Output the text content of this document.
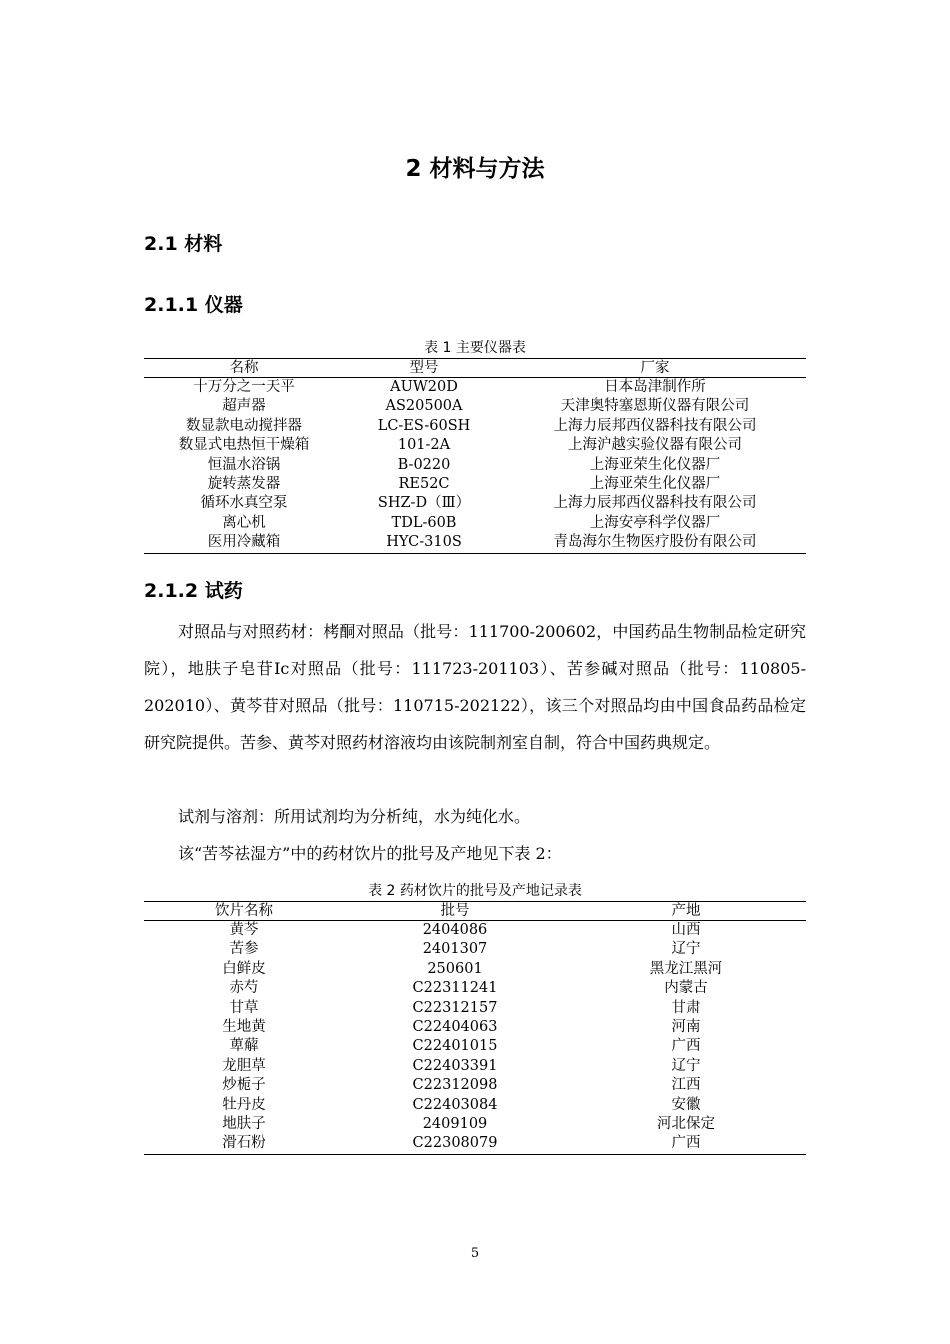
2 材料与方法
2.1 材料
2.1.1 仪器
表 1 主要仪器表
名称	型号	厂家
十万分之一天平	AUW20D	日本岛津制作所
超声器	AS20500A	天津奥特塞恩斯仪器有限公司
数显款电动搅拌器	LC-ES-60SH	上海力辰邦西仪器科技有限公司
数显式电热恒干燥箱	101-2A	上海沪越实验仪器有限公司
恒温水浴锅	B-0220	上海亚荣生化仪器厂
旋转蒸发器	RE52C	上海亚荣生化仪器厂
循环水真空泵	SHZ-D（Ⅲ）	上海力辰邦西仪器科技有限公司
离心机	TDL-60B	上海安亭科学仪器厂
医用冷藏箱	HYC-310S	青岛海尔生物医疗股份有限公司
2.1.2 试药

对照品与对照药材：栲酮对照品（批号：111700-200602，中国药品生物制品检定研究院），地肤子皂苷Ic对照品（批号：111723-201103）、苦参碱对照品（批号：110805-202010）、黄芩苷对照品（批号：110715-202122），该三个对照品均由中国食品药品检定研究院提供。苦参、黄芩对照药材溶液均由该院制剂室自制，符合中国药典规定。

试剂与溶剂：所用试剂均为分析纯，水为纯化水。

该“苦芩祛湿方”中的药材饮片的批号及产地见下表 2：

表 2 药材饮片的批号及产地记录表
饮片名称	批号	产地
黄芩	2404086	山西
苦参	2401307	辽宁
白鲜皮	250601	黑龙江黑河
赤芍	C22311241	内蒙古
甘草	C22312157	甘肃
生地黄	C22404063	河南
萆薢	C22401015	广西
龙胆草	C22403391	辽宁
炒栀子	C22312098	江西
牡丹皮	C22403084	安徽
地肤子	2409109	河北保定
滑石粉	C22308079	广西
5
